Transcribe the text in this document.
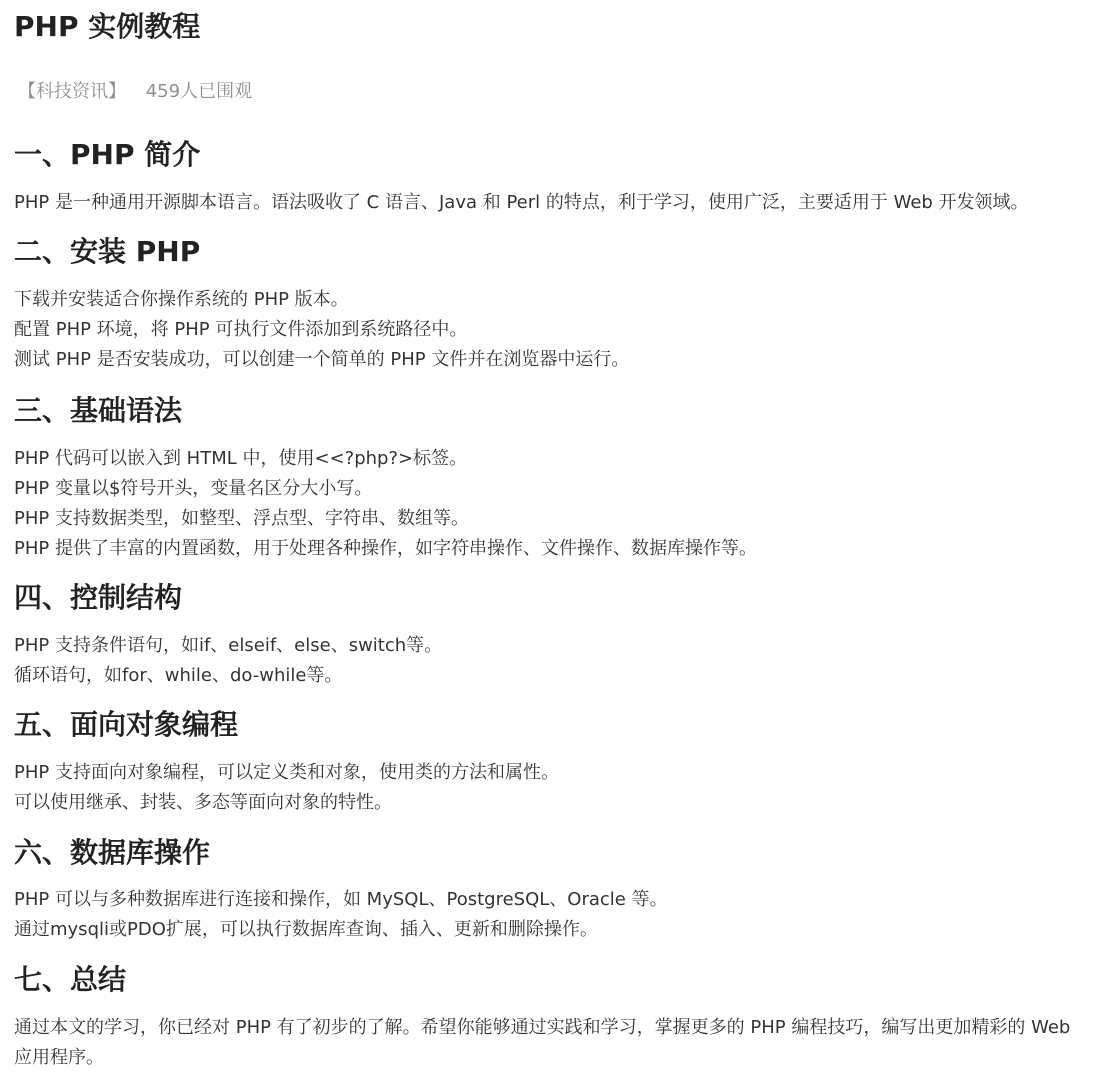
PHP 实例教程
【科技资讯】 459人已围观
一、PHP 简介

PHP 是一种通用开源脚本语言。语法吸收了 C 语言、Java 和 Perl 的特点，利于学习，使用广泛，主要适用于 Web 开发领域。

二、安装 PHP

下载并安装适合你操作系统的 PHP 版本。
配置 PHP 环境，将 PHP 可执行文件添加到系统路径中。
测试 PHP 是否安装成功，可以创建一个简单的 PHP 文件并在浏览器中运行。

三、基础语法

PHP 代码可以嵌入到 HTML 中，使用<<?php?>标签。
PHP 变量以$符号开头，变量名区分大小写。
PHP 支持数据类型，如整型、浮点型、字符串、数组等。
PHP 提供了丰富的内置函数，用于处理各种操作，如字符串操作、文件操作、数据库操作等。

四、控制结构

PHP 支持条件语句，如if、elseif、else、switch等。
循环语句，如for、while、do-while等。

五、面向对象编程

PHP 支持面向对象编程，可以定义类和对象，使用类的方法和属性。
可以使用继承、封装、多态等面向对象的特性。

六、数据库操作

PHP 可以与多种数据库进行连接和操作，如 MySQL、PostgreSQL、Oracle 等。
通过mysqli或PDO扩展，可以执行数据库查询、插入、更新和删除操作。

七、总结

通过本文的学习，你已经对 PHP 有了初步的了解。希望你能够通过实践和学习，掌握更多的 PHP 编程技巧，编写出更加精彩的 Web 应用程序。
